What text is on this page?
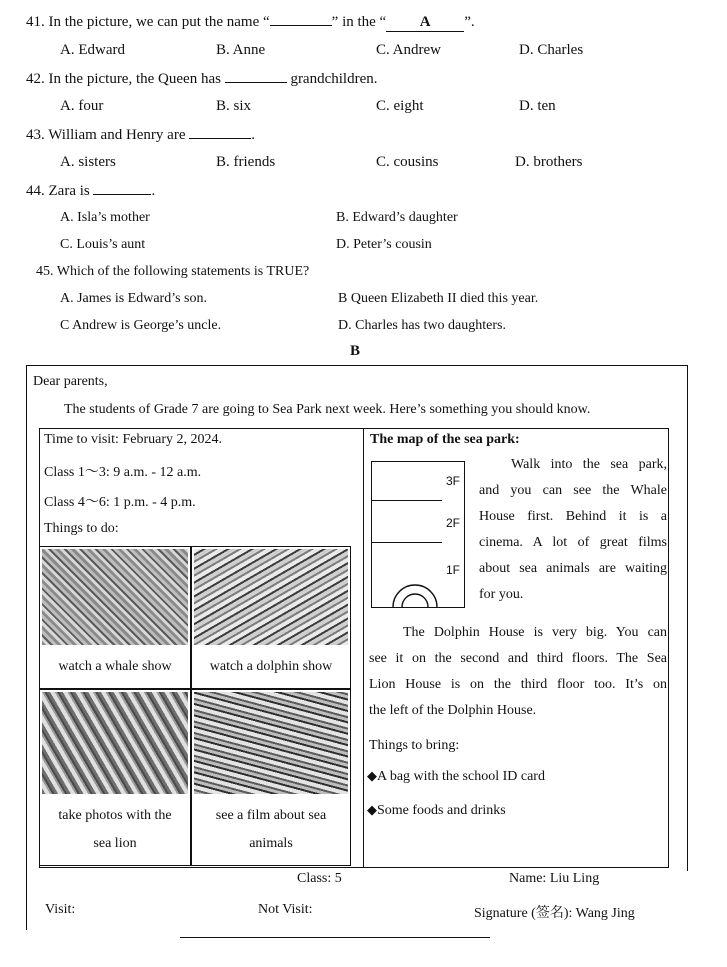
41. In the picture, we can put the name “	” in the “ A ”.
A. Edward	B. Anne	C. Andrew	D. Charles
42. In the picture, the Queen has	grandchildren.
A. four	B. six	C. eight	D. ten
43. William and Henry are	.
A. sisters	B. friends	C. cousins	D. brothers
44. Zara is	.
A. Isla’s mother	B. Edward’s daughter
C. Louis’s aunt	D. Peter’s cousin
45. Which of the following statements is TRUE?
A. James is Edward’s son.	B Queen Elizabeth II died this year.
C Andrew is George’s uncle.	D. Charles has two daughters.
B
Dear parents,
The students of Grade 7 are going to Sea Park next week. Here’s something you should know.
Time to visit: February 2, 2024.
Class 1～3: 9 a.m. - 12 a.m.
Class 4～6: 1 p.m. - 4 p.m.
Things to do:
watch a whale show	watch a dolphin show
take photos with the
sea lion
see a film about sea
animals
The map of the sea park:
3F
2F
1F
Walk into the sea park,
and you can see the Whale
House first. Behind it is a
cinema. A lot of great films
about sea animals are waiting
for you.
The Dolphin House is very big. You can
see it on the second and third floors. The Sea
Lion House is on the third floor too. It’s on
the left of the Dolphin House.
Things to bring:
◆A bag with the school ID card
◆Some foods and drinks
Class: 5	Name: Liu Ling
Visit:	Not Visit:	Signature (签名): Wang Jing
